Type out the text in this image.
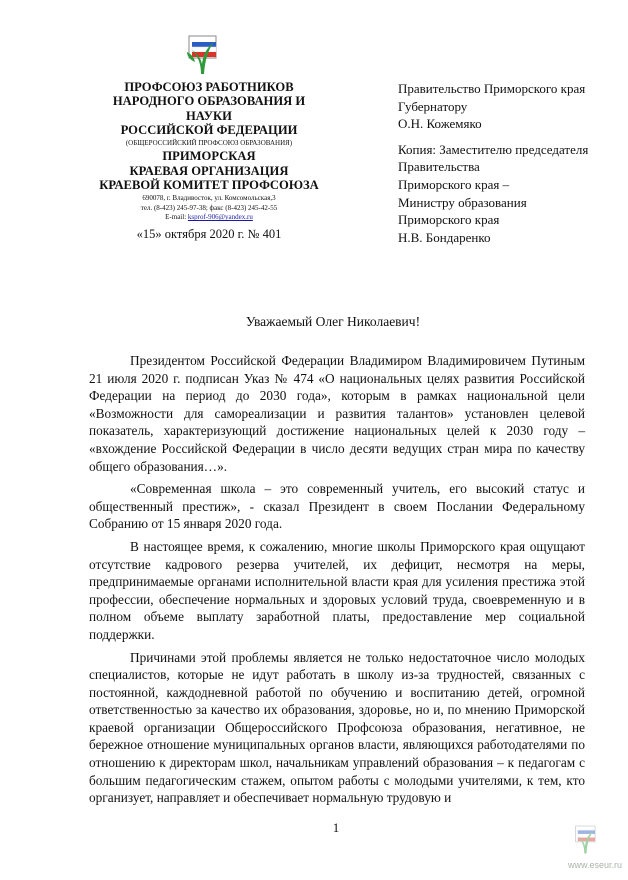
ПРОФСОЮЗ РАБОТНИКОВ
НАРОДНОГО ОБРАЗОВАНИЯ И
НАУКИ
РОССИЙСКОЙ ФЕДЕРАЦИИ
(ОБЩЕРОССИЙСКИЙ ПРОФСОЮЗ ОБРАЗОВАНИЯ)
ПРИМОРСКАЯ
КРАЕВАЯ ОРГАНИЗАЦИЯ
КРАЕВОЙ КОМИТЕТ ПРОФСОЮЗА
690078, г. Владивосток, ул. Комсомольская,3
тел. (8-423) 245-97-38; факс (8-423) 245-42-55
E-mail: ksprof-906@yandex.ru
«15» октября 2020 г. № 401
Правительство Приморского края
Губернатору
О.Н. Кожемяко
Копия: Заместителю председателя
Правительства
Приморского края –
Министру образования
Приморского края
Н.В. Бондаренко
Уважаемый Олег Николаевич!

Президентом Российской Федерации Владимиром Владимировичем Путиным 21 июля 2020 г. подписан Указ № 474 «О национальных целях развития Российской Федерации на период до 2030 года», которым в рамках национальной цели «Возможности для самореализации и развития талантов» установлен целевой показатель, характеризующий достижение национальных целей к 2030 году – «вхождение Российской Федерации в число десяти ведущих стран мира по качеству общего образования…».

«Современная школа – это современный учитель, его высокий статус и общественный престиж», - сказал Президент в своем Послании Федеральному Собранию от 15 января 2020 года.

В настоящее время, к сожалению, многие школы Приморского края ощущают отсутствие кадрового резерва учителей, их дефицит, несмотря на меры, предпринимаемые органами исполнительной власти края для усиления престижа этой профессии, обеспечение нормальных и здоровых условий труда, своевременную и в полном объеме выплату заработной платы, предоставление мер социальной поддержки.

Причинами этой проблемы является не только недостаточное число молодых специалистов, которые не идут работать в школу из-за трудностей, связанных с постоянной, каждодневной работой по обучению и воспитанию детей, огромной ответственностью за качество их образования, здоровье, но и, по мнению Приморской краевой организации Общероссийского Профсоюза образования, негативное, не бережное отношение муниципальных органов власти, являющихся работодателями по отношению к директорам школ, начальникам управлений образования – к педагогам с большим педагогическим стажем, опытом работы с молодыми учителями, к тем, кто организует, направляет и обеспечивает нормальную трудовую и

1
www.eseur.ru
